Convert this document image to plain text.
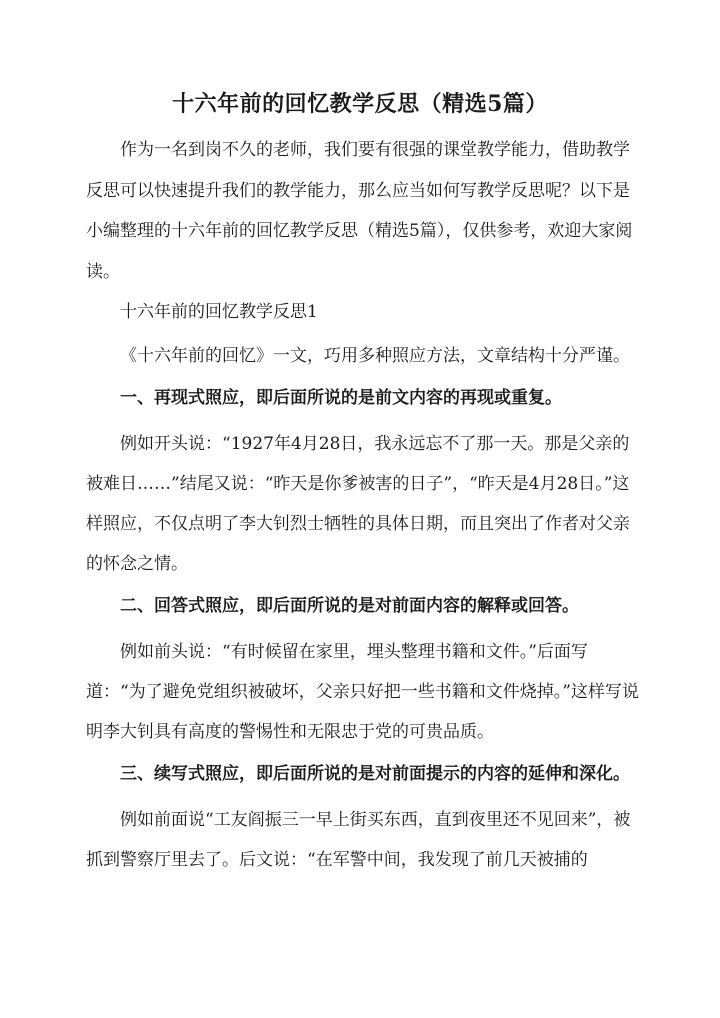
十六年前的回忆教学反思（精选5篇）

作为一名到岗不久的老师，我们要有很强的课堂教学能力，借助教学反思可以快速提升我们的教学能力，那么应当如何写教学反思呢？以下是小编整理的十六年前的回忆教学反思（精选5篇），仅供参考，欢迎大家阅读。

十六年前的回忆教学反思1

《十六年前的回忆》一文，巧用多种照应方法，文章结构十分严谨。

一、再现式照应，即后面所说的是前文内容的再现或重复。

例如开头说：“1927年4月28日，我永远忘不了那一天。那是父亲的被难日……”结尾又说：“昨天是你爹被害的日子”，“昨天是4月28日。”这样照应，不仅点明了李大钊烈士牺牲的具体日期，而且突出了作者对父亲的怀念之情。

二、回答式照应，即后面所说的是对前面内容的解释或回答。

例如前头说：“有时候留在家里，埋头整理书籍和文件。”后面写道：“为了避免党组织被破坏，父亲只好把一些书籍和文件烧掉。”这样写说明李大钊具有高度的警惕性和无限忠于党的可贵品质。

三、续写式照应，即后面所说的是对前面提示的内容的延伸和深化。

例如前面说“工友阎振三一早上街买东西，直到夜里还不见回来”，被抓到警察厅里去了。后文说：“在军警中间，我发现了前几天被捕的
